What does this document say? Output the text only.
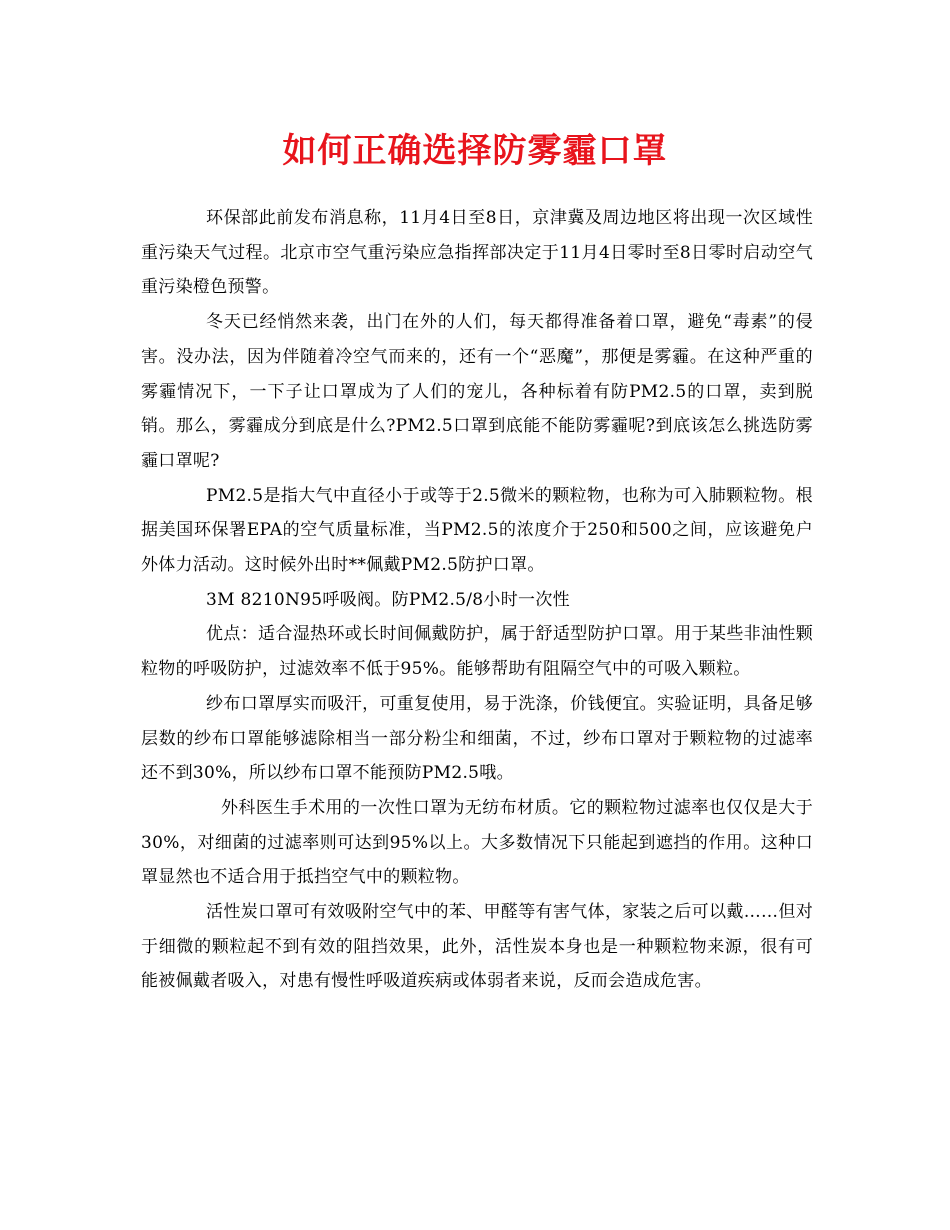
如何正确选择防雾霾口罩

环保部此前发布消息称，11月4日至8日，京津冀及周边地区将出现一次区域性重污染天气过程。北京市空气重污染应急指挥部决定于11月4日零时至8日零时启动空气重污染橙色预警。

冬天已经悄然来袭，出门在外的人们，每天都得准备着口罩，避免“毒素”的侵害。没办法，因为伴随着冷空气而来的，还有一个“恶魔”，那便是雾霾。在这种严重的雾霾情况下，一下子让口罩成为了人们的宠儿，各种标着有防PM2.5的口罩，卖到脱销。那么，雾霾成分到底是什么?PM2.5口罩到底能不能防雾霾呢?到底该怎么挑选防雾霾口罩呢?

PM2.5是指大气中直径小于或等于2.5微米的颗粒物，也称为可入肺颗粒物。根据美国环保署EPA的空气质量标准，当PM2.5的浓度介于250和500之间，应该避免户外体力活动。这时候外出时**佩戴PM2.5防护口罩。

3M 8210N95呼吸阀。防PM2.5/8小时一次性

优点：适合湿热环或长时间佩戴防护，属于舒适型防护口罩。用于某些非油性颗粒物的呼吸防护，过滤效率不低于95%。能够帮助有阻隔空气中的可吸入颗粒。

纱布口罩厚实而吸汗，可重复使用，易于洗涤，价钱便宜。实验证明，具备足够层数的纱布口罩能够滤除相当一部分粉尘和细菌，不过，纱布口罩对于颗粒物的过滤率还不到30%，所以纱布口罩不能预防PM2.5哦。

外科医生手术用的一次性口罩为无纺布材质。它的颗粒物过滤率也仅仅是大于30%，对细菌的过滤率则可达到95%以上。大多数情况下只能起到遮挡的作用。这种口罩显然也不适合用于抵挡空气中的颗粒物。

活性炭口罩可有效吸附空气中的苯、甲醛等有害气体，家装之后可以戴……但对于细微的颗粒起不到有效的阻挡效果，此外，活性炭本身也是一种颗粒物来源，很有可能被佩戴者吸入，对患有慢性呼吸道疾病或体弱者来说，反而会造成危害。
